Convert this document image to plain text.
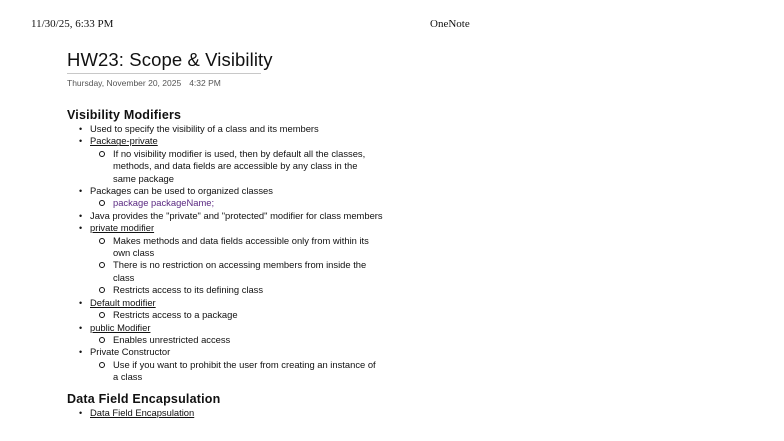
11/30/25, 6:33 PM	OneNote
HW23: Scope & Visibility
Thursday, November 20, 2025 4:32 PM
Visibility Modifiers
• Used to specify the visibility of a class and its members
• Package-private
If no visibility modifier is used, then by default all the classes, methods, and data fields are accessible by any class in the same package
• Packages can be used to organized classes
package packageName;
• Java provides the "private" and "protected" modifier for class members
• private modifier
Makes methods and data fields accessible only from within its own class
There is no restriction on accessing members from inside the class
Restricts access to its defining class
• Default modifier
Restricts access to a package
• public Modifier
Enables unrestricted access
• Private Constructor
Use if you want to prohibit the user from creating an instance of a class
Data Field Encapsulation
• Data Field Encapsulation
